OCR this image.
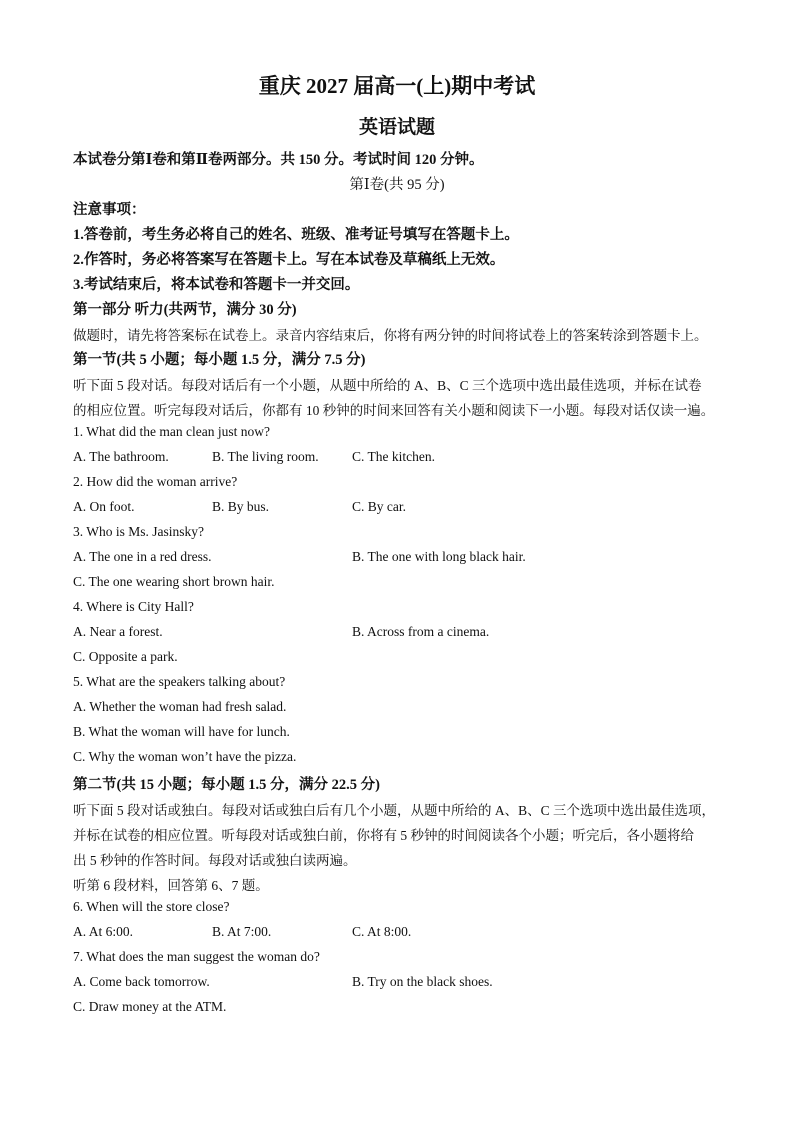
重庆 2027 届高一(上)期中考试
英语试题
本试卷分第Ⅰ卷和第Ⅱ卷两部分。共 150 分。考试时间 120 分钟。
第Ⅰ卷(共 95 分)
注意事项：
1.答卷前，考生务必将自己的姓名、班级、准考证号填写在答题卡上。
2.作答时，务必将答案写在答题卡上。写在本试卷及草稿纸上无效。
3.考试结束后，将本试卷和答题卡一并交回。
第一部分 听力(共两节，满分 30 分)
做题时，请先将答案标在试卷上。录音内容结束后，你将有两分钟的时间将试卷上的答案转涂到答题卡上。
第一节(共 5 小题；每小题 1.5 分，满分 7.5 分)
听下面 5 段对话。每段对话后有一个小题，从题中所给的 A、B、C 三个选项中选出最佳选项，并标在试卷
的相应位置。听完每段对话后，你都有 10 秒钟的时间来回答有关小题和阅读下一小题。每段对话仅读一遍。
1. What did the man clean just now?
A. The bathroom.	B. The living room. C. The kitchen.
2. How did the woman arrive?
A. On foot.	B. By bus.	C. By car.
3. Who is Ms. Jasinsky?
A. The one in a red dress.	B. The one with long black hair.
C. The one wearing short brown hair.
4. Where is City Hall?
A. Near a forest.	B. Across from a cinema.
C. Opposite a park.
5. What are the speakers talking about?
A. Whether the woman had fresh salad.
B. What the woman will have for lunch.
C. Why the woman won’t have the pizza.
第二节(共 15 小题；每小题 1.5 分，满分 22.5 分)
听下面 5 段对话或独白。每段对话或独白后有几个小题，从题中所给的 A、B、C 三个选项中选出最佳选项，
并标在试卷的相应位置。听每段对话或独白前，你将有 5 秒钟的时间阅读各个小题；听完后，各小题将给
出 5 秒钟的作答时间。每段对话或独白读两遍。
听第 6 段材料，回答第 6、7 题。
6. When will the store close?
A. At 6:00.	B. At 7:00.	C. At 8:00.
7. What does the man suggest the woman do?
A. Come back tomorrow.	B. Try on the black shoes.
C. Draw money at the ATM.
